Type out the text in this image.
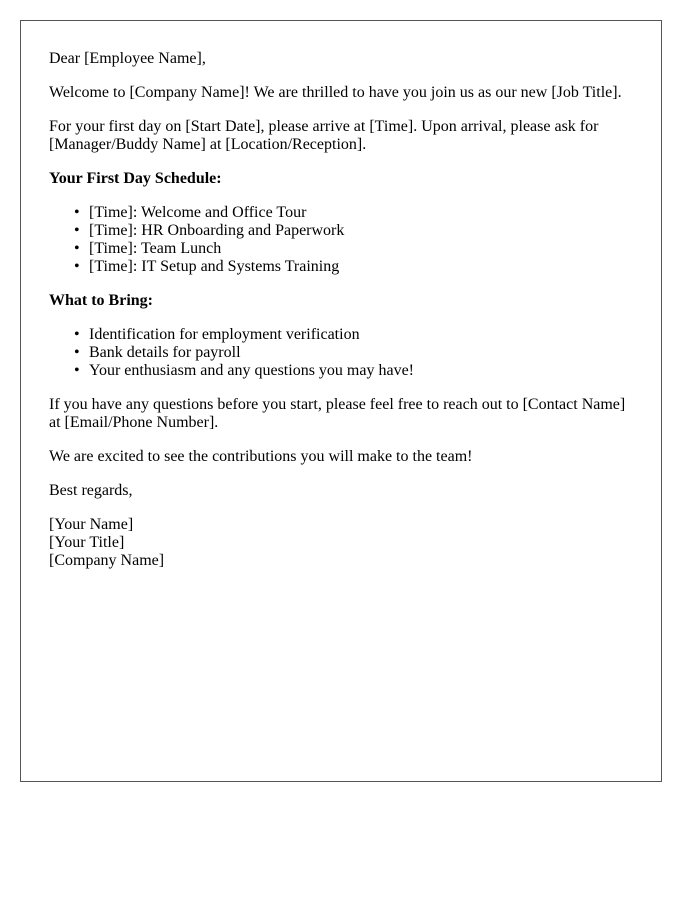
Dear [Employee Name],

Welcome to [Company Name]! We are thrilled to have you join us as our new [Job Title].

For your first day on [Start Date], please arrive at [Time]. Upon arrival, please ask for [Manager/Buddy Name] at [Location/Reception].

Your First Day Schedule:

• [Time]: Welcome and Office Tour
• [Time]: HR Onboarding and Paperwork
• [Time]: Team Lunch
• [Time]: IT Setup and Systems Training

What to Bring:

• Identification for employment verification
• Bank details for payroll
• Your enthusiasm and any questions you may have!

If you have any questions before you start, please feel free to reach out to [Contact Name] at [Email/Phone Number].

We are excited to see the contributions you will make to the team!

Best regards,

[Your Name]
[Your Title]
[Company Name]
